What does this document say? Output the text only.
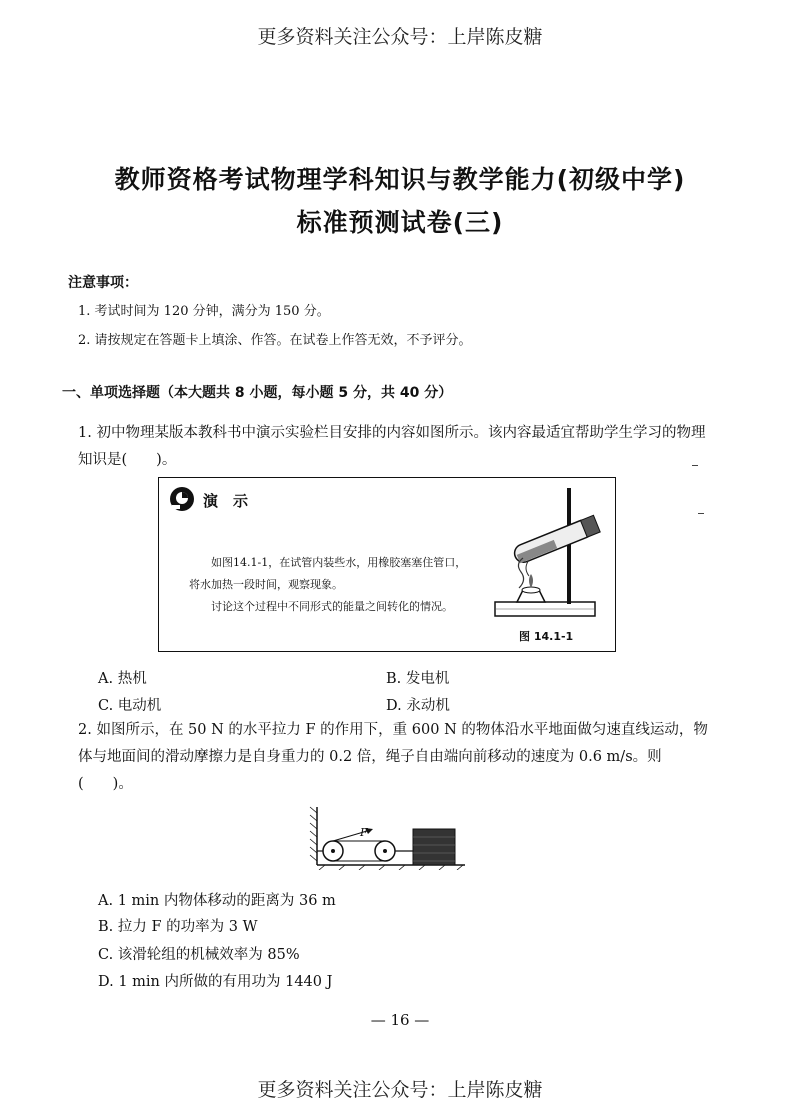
更多资料关注公众号：上岸陈皮糖
教师资格考试物理学科知识与教学能力(初级中学)
标准预测试卷(三)
注意事项：
1. 考试时间为 120 分钟，满分为 150 分。
2. 请按规定在答题卡上填涂、作答。在试卷上作答无效，不予评分。
一、单项选择题（本大题共 8 小题，每小题 5 分，共 40 分）
1. 初中物理某版本教科书中演示实验栏目安排的内容如图所示。该内容最适宜帮助学生学习的物理知识是(　　)。
演　示
如图14.1-1，在试管内装些水，用橡胶塞塞住管口，将水加热一段时间，观察现象。
讨论这个过程中不同形式的能量之间转化的情况。
图 14.1-1
A. 热机	B. 发电机
C. 电动机	D. 永动机
2. 如图所示，在 50 N 的水平拉力 F 的作用下，重 600 N 的物体沿水平地面做匀速直线运动，物体与地面间的滑动摩擦力是自身重力的 0.2 倍，绳子自由端向前移动的速度为 0.6 m/s。则(　　)。
F
A. 1 min 内物体移动的距离为 36 m
B. 拉力 F 的功率为 3 W
C. 该滑轮组的机械效率为 85%
D. 1 min 内所做的有用功为 1440 J
— 16 —
更多资料关注公众号：上岸陈皮糖
